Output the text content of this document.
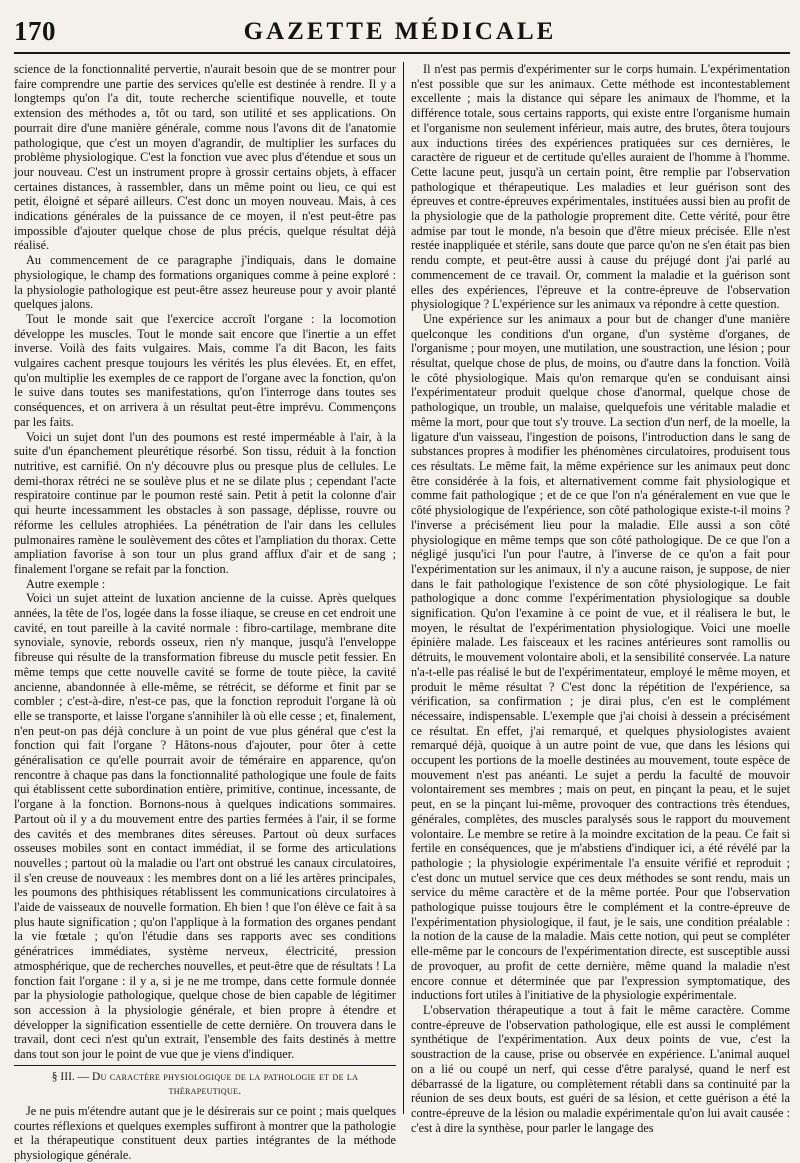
170	GAZETTE MÉDICALE

science de la fonctionnalité pervertie, n'aurait besoin que de se montrer pour faire comprendre une partie des services qu'elle est destinée à rendre. Il y a longtemps qu'on l'a dit, toute recherche scientifique nouvelle, et toute extension des méthodes a, tôt ou tard, son utilité et ses applications. On pourrait dire d'une manière générale, comme nous l'avons dit de l'anatomie pathologique, que c'est un moyen d'agrandir, de multiplier les surfaces du problème physiologique. C'est la fonction vue avec plus d'étendue et sous un jour nouveau. C'est un instrument propre à grossir certains objets, à effacer certaines distances, à rassembler, dans un même point ou lieu, ce qui est petit, éloigné et séparé ailleurs. C'est donc un moyen nouveau. Mais, à ces indications générales de la puissance de ce moyen, il n'est peut-être pas impossible d'ajouter quelque chose de plus précis, quelque résultat déjà réalisé.

Au commencement de ce paragraphe j'indiquais, dans le domaine physiologique, le champ des formations organiques comme à peine exploré : la physiologie pathologique est peut-être assez heureuse pour y avoir planté quelques jalons.

Tout le monde sait que l'exercice accroît l'organe : la locomotion développe les muscles. Tout le monde sait encore que l'inertie a un effet inverse. Voilà des faits vulgaires. Mais, comme l'a dit Bacon, les faits vulgaires cachent presque toujours les vérités les plus élevées. Et, en effet, qu'on multiplie les exemples de ce rapport de l'organe avec la fonction, qu'on le suive dans toutes ses manifestations, qu'on l'interroge dans toutes ses conséquences, et on arrivera à un résultat peut-être imprévu. Commençons par les faits.

Voici un sujet dont l'un des poumons est resté imperméable à l'air, à la suite d'un épanchement pleurétique résorbé. Son tissu, réduit à la fonction nutritive, est carnifié. On n'y découvre plus ou presque plus de cellules. Le demi-thorax rétréci ne se soulève plus et ne se dilate plus ; cependant l'acte respiratoire continue par le poumon resté sain. Petit à petit la colonne d'air qui heurte incessamment les obstacles à son passage, déplisse, rouvre ou réforme les cellules atrophiées. La pénétration de l'air dans les cellules pulmonaires ramène le soulèvement des côtes et l'ampliation du thorax. Cette ampliation favorise à son tour un plus grand afflux d'air et de sang ; finalement l'organe se refait par la fonction.

Autre exemple :

Voici un sujet atteint de luxation ancienne de la cuisse. Après quelques années, la tête de l'os, logée dans la fosse iliaque, se creuse en cet endroit une cavité, en tout pareille à la cavité normale : fibro-cartilage, membrane dite synoviale, synovie, rebords osseux, rien n'y manque, jusqu'à l'enveloppe fibreuse qui résulte de la transformation fibreuse du muscle petit fessier. En même temps que cette nouvelle cavité se forme de toute pièce, la cavité ancienne, abandonnée à elle-même, se rétrécit, se déforme et finit par se combler ; c'est-à-dire, n'est-ce pas, que la fonction reproduit l'organe là où elle se transporte, et laisse l'organe s'annihiler là où elle cesse ; et, finalement, n'en peut-on pas déjà conclure à un point de vue plus général que c'est la fonction qui fait l'organe ? Hâtons-nous d'ajouter, pour ôter à cette généralisation ce qu'elle pourrait avoir de téméraire en apparence, qu'on rencontre à chaque pas dans la fonctionnalité pathologique une foule de faits qui établissent cette subordination entière, primitive, continue, incessante, de l'organe à la fonction. Bornons-nous à quelques indications sommaires. Partout où il y a du mouvement entre des parties fermées à l'air, il se forme des cavités et des membranes dites séreuses. Partout où deux surfaces osseuses mobiles sont en contact immédiat, il se forme des articulations nouvelles ; partout où la maladie ou l'art ont obstrué les canaux circulatoires, il s'en creuse de nouveaux : les membres dont on a lié les artères principales, les poumons des phthisiques rétablissent les communications circulatoires à l'aide de vaisseaux de nouvelle formation. Eh bien ! que l'on élève ce fait à sa plus haute signification ; qu'on l'applique à la formation des organes pendant la vie fœtale ; qu'on l'étudie dans ses rapports avec ses conditions génératrices immédiates, système nerveux, électricité, pression atmosphérique, que de recherches nouvelles, et peut-être que de résultats ! La fonction fait l'organe : il y a, si je ne me trompe, dans cette formule donnée par la physiologie pathologique, quelque chose de bien capable de légitimer son accession à la physiologie générale, et bien propre à étendre et développer la signification essentielle de cette dernière. On trouvera dans le travail, dont ceci n'est qu'un extrait, l'ensemble des faits destinés à mettre dans tout son jour le point de vue que je viens d'indiquer.

§ III. — Du caractère physiologique de la pathologie et de la thérapeutique.

Je ne puis m'étendre autant que je le désirerais sur ce point ; mais quelques courtes réflexions et quelques exemples suffiront à montrer que la pathologie et la thérapeutique constituent deux parties intégrantes de la méthode physiologique générale.

Il n'est pas permis d'expérimenter sur le corps humain. L'expérimentation n'est possible que sur les animaux. Cette méthode est incontestablement excellente ; mais la distance qui sépare les animaux de l'homme, et la différence totale, sous certains rapports, qui existe entre l'organisme humain et l'organisme non seulement inférieur, mais autre, des brutes, ôtera toujours aux inductions tirées des expériences pratiquées sur ces dernières, le caractère de rigueur et de certitude qu'elles auraient de l'homme à l'homme. Cette lacune peut, jusqu'à un certain point, être remplie par l'observation pathologique et thérapeutique. Les maladies et leur guérison sont des épreuves et contre-épreuves expérimentales, instituées aussi bien au profit de la physiologie que de la pathologie proprement dite. Cette vérité, pour être admise par tout le monde, n'a besoin que d'être mieux précisée. Elle n'est restée inappliquée et stérile, sans doute que parce qu'on ne s'en était pas bien rendu compte, et peut-être aussi à cause du préjugé dont j'ai parlé au commencement de ce travail. Or, comment la maladie et la guérison sont elles des expériences, l'épreuve et la contre-épreuve de l'observation physiologique ? L'expérience sur les animaux va répondre à cette question.

Une expérience sur les animaux a pour but de changer d'une manière quelconque les conditions d'un organe, d'un système d'organes, de l'organisme ; pour moyen, une mutilation, une soustraction, une lésion ; pour résultat, quelque chose de plus, de moins, ou d'autre dans la fonction. Voilà le côté physiologique. Mais qu'on remarque qu'en se conduisant ainsi l'expérimentateur produit quelque chose d'anormal, quelque chose de pathologique, un trouble, un malaise, quelquefois une véritable maladie et même la mort, pour que tout s'y trouve. La section d'un nerf, de la moelle, la ligature d'un vaisseau, l'ingestion de poisons, l'introduction dans le sang de substances propres à modifier les phénomènes circulatoires, produisent tous ces résultats. Le même fait, la même expérience sur les animaux peut donc être considérée à la fois, et alternativement comme fait physiologique et comme fait pathologique ; et de ce que l'on n'a généralement en vue que le côté physiologique de l'expérience, son côté pathologique existe-t-il moins ? l'inverse a précisément lieu pour la maladie. Elle aussi a son côté physiologique en même temps que son côté pathologique. De ce que l'on a négligé jusqu'ici l'un pour l'autre, à l'inverse de ce qu'on a fait pour l'expérimentation sur les animaux, il n'y a aucune raison, je suppose, de nier dans le fait pathologique l'existence de son côté physiologique. Le fait pathologique a donc comme l'expérimentation physiologique sa double signification. Qu'on l'examine à ce point de vue, et il réalisera le but, le moyen, le résultat de l'expérimentation physiologique. Voici une moelle épinière malade. Les faisceaux et les racines antérieures sont ramollis ou détruits, le mouvement volontaire aboli, et la sensibilité conservée. La nature n'a-t-elle pas réalisé le but de l'expérimentateur, employé le même moyen, et produit le même résultat ? C'est donc la répétition de l'expérience, sa vérification, sa confirmation ; je dirai plus, c'en est le complément nécessaire, indispensable. L'exemple que j'ai choisi à dessein a précisément ce résultat. En effet, j'ai remarqué, et quelques physiologistes avaient remarqué déjà, quoique à un autre point de vue, que dans les lésions qui occupent les portions de la moelle destinées au mouvement, toute espèce de mouvement n'est pas anéanti. Le sujet a perdu la faculté de mouvoir volontairement ses membres ; mais on peut, en pinçant la peau, et le sujet peut, en se la pinçant lui-même, provoquer des contractions très étendues, générales, complètes, des muscles paralysés sous le rapport du mouvement volontaire. Le membre se retire à la moindre excitation de la peau. Ce fait si fertile en conséquences, que je m'abstiens d'indiquer ici, a été révélé par la pathologie ; la physiologie expérimentale l'a ensuite vérifié et reproduit ; c'est donc un mutuel service que ces deux méthodes se sont rendu, mais un service du même caractère et de la même portée. Pour que l'observation pathologique puisse toujours être le complément et la contre-épreuve de l'expérimentation physiologique, il faut, je le sais, une condition préalable : la notion de la cause de la maladie. Mais cette notion, qui peut se compléter elle-même par le concours de l'expérimentation directe, est susceptible aussi de provoquer, au profit de cette dernière, même quand la maladie n'est encore connue et déterminée que par l'expression symptomatique, des inductions fort utiles à l'initiative de la physiologie expérimentale.

L'observation thérapeutique a tout à fait le même caractère. Comme contre-épreuve de l'observation pathologique, elle est aussi le complément synthétique de l'expérimentation. Aux deux points de vue, c'est la soustraction de la cause, prise ou observée en expérience. L'animal auquel on a lié ou coupé un nerf, qui cesse d'être paralysé, quand le nerf est débarrassé de la ligature, ou complètement rétabli dans sa continuité par la réunion de ses deux bouts, est guéri de sa lésion, et cette guérison a été la contre-épreuve de la lésion ou maladie expérimentale qu'on lui avait causée : c'est à dire la synthèse, pour parler le langage des
